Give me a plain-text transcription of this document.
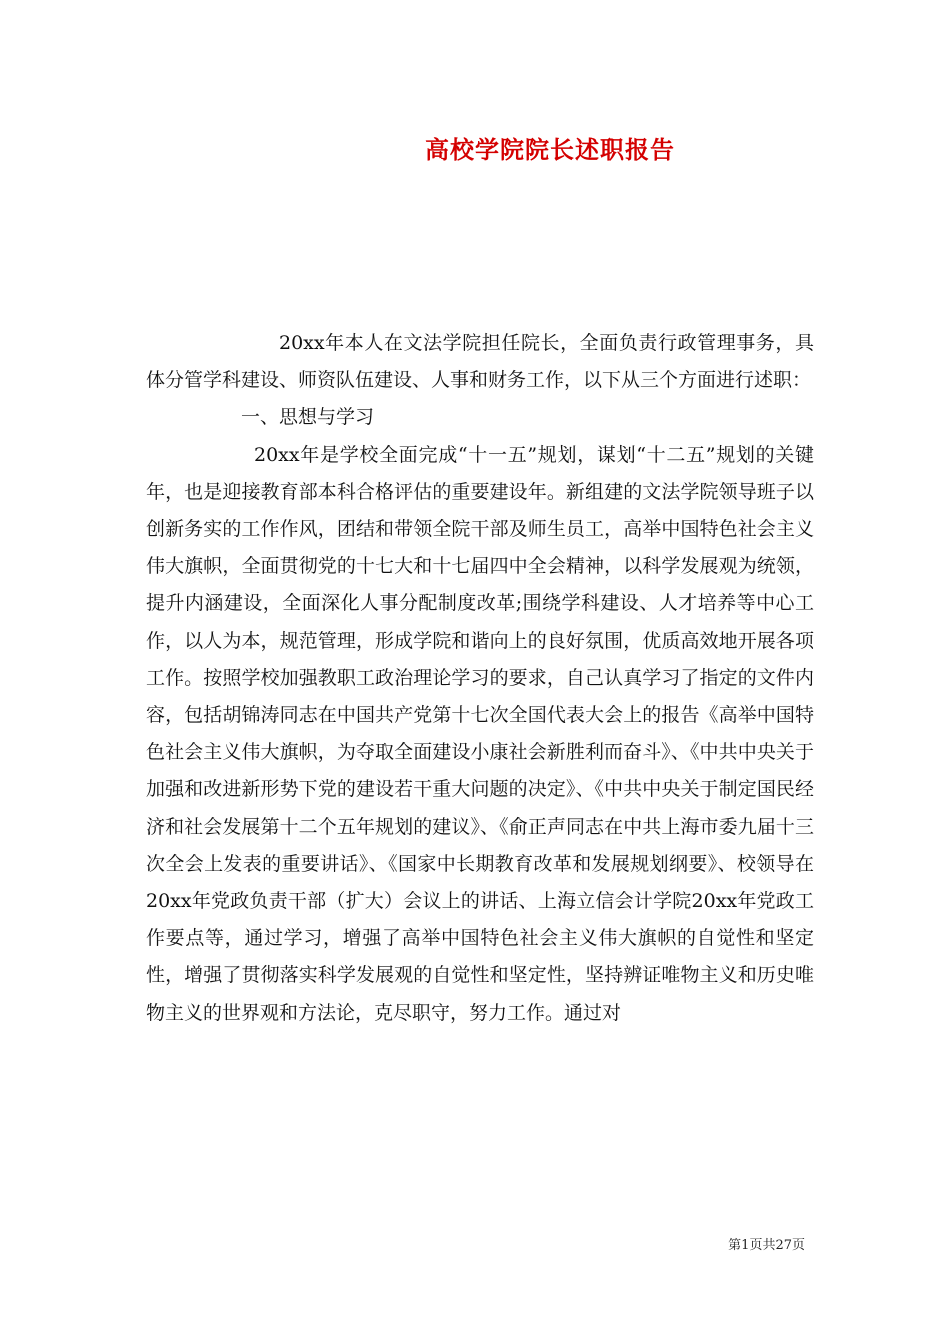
高校学院院长述职报告

20xx年本人在文法学院担任院长，全面负责行政管理事务，具体分管学科建设、师资队伍建设、人事和财务工作，以下从三个方面进行述职：

一、思想与学习

20xx年是学校全面完成“十一五”规划，谋划“十二五”规划的关键年，也是迎接教育部本科合格评估的重要建设年。新组建的文法学院领导班子以创新务实的工作作风，团结和带领全院干部及师生员工，高举中国特色社会主义伟大旗帜，全面贯彻党的十七大和十七届四中全会精神，以科学发展观为统领，提升内涵建设，全面深化人事分配制度改革;围绕学科建设、人才培养等中心工作，以人为本，规范管理，形成学院和谐向上的良好氛围，优质高效地开展各项工作。按照学校加强教职工政治理论学习的要求，自己认真学习了指定的文件内容，包括胡锦涛同志在中国共产党第十七次全国代表大会上的报告《高举中国特色社会主义伟大旗帜，为夺取全面建设小康社会新胜利而奋斗》、《中共中央关于加强和改进新形势下党的建设若干重大问题的决定》、《中共中央关于制定国民经济和社会发展第十二个五年规划的建议》、《俞正声同志在中共上海市委九届十三次全会上发表的重要讲话》、《国家中长期教育改革和发展规划纲要》、校领导在20xx年党政负责干部（扩大）会议上的讲话、上海立信会计学院20xx年党政工作要点等，通过学习，增强了高举中国特色社会主义伟大旗帜的自觉性和坚定性，增强了贯彻落实科学发展观的自觉性和坚定性，坚持辨证唯物主义和历史唯物主义的世界观和方法论，克尽职守，努力工作。通过对

第1页共27页
